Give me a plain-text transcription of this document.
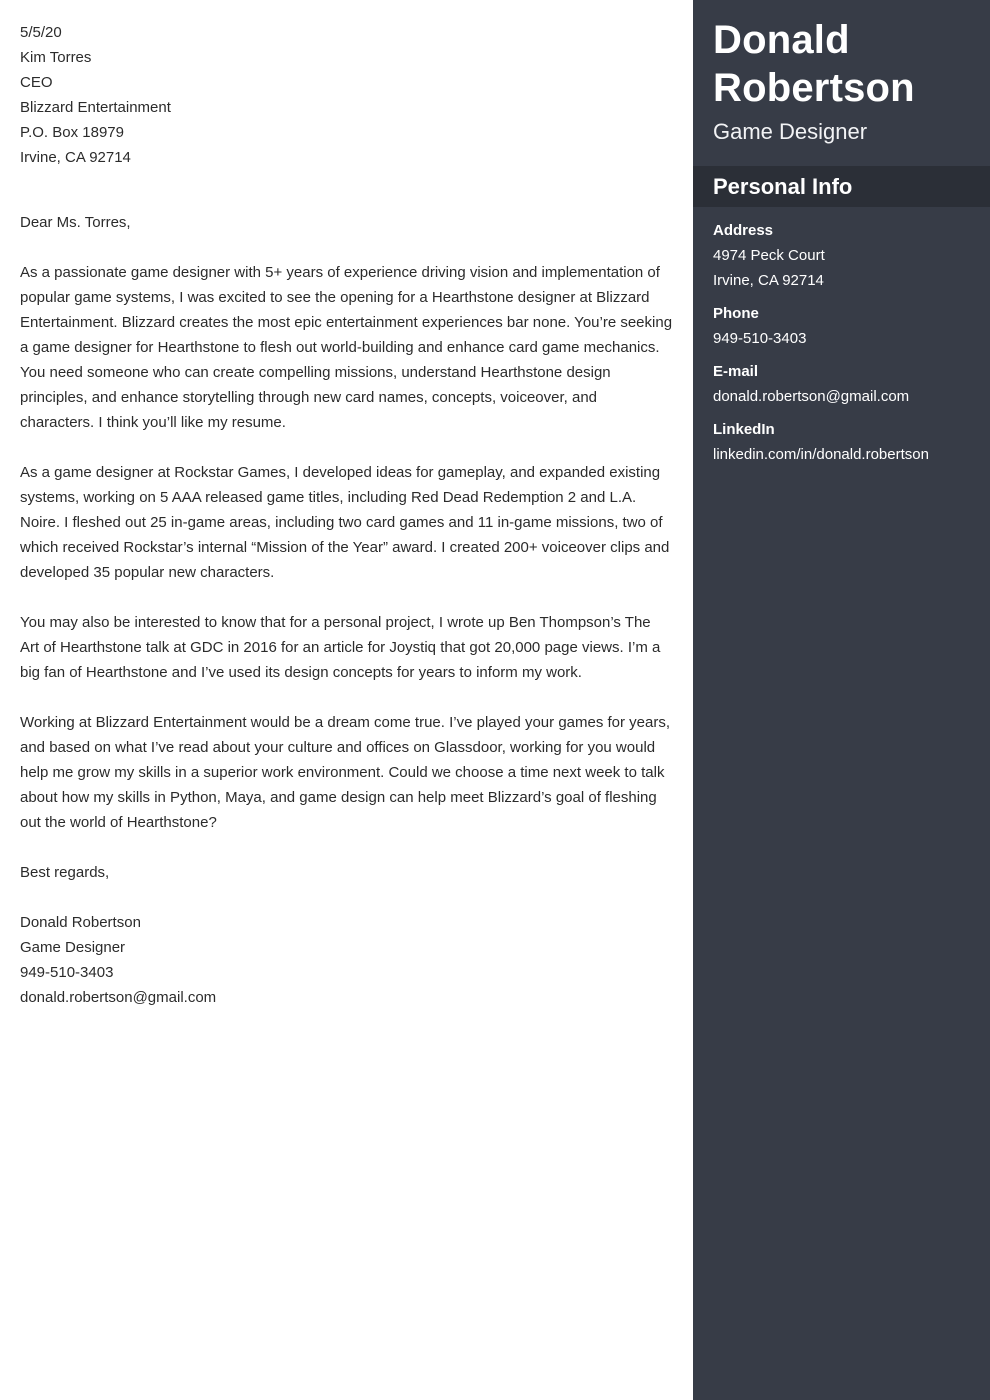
5/5/20

Kim Torres

CEO

Blizzard Entertainment

P.O. Box 18979

Irvine, CA 92714

Dear Ms. Torres,

As a passionate game designer with 5+ years of experience driving vision and implementation of popular game systems, I was excited to see the opening for a Hearthstone designer at Blizzard Entertainment. Blizzard creates the most epic entertainment experiences bar none. You’re seeking a game designer for Hearthstone to flesh out world-building and enhance card game mechanics. You need someone who can create compelling missions, understand Hearthstone design principles, and enhance storytelling through new card names, concepts, voiceover, and characters. I think you’ll like my resume.

As a game designer at Rockstar Games, I developed ideas for gameplay, and expanded existing systems, working on 5 AAA released game titles, including Red Dead Redemption 2 and L.A. Noire. I fleshed out 25 in-game areas, including two card games and 11 in-game missions, two of which received Rockstar’s internal “Mission of the Year” award. I created 200+ voiceover clips and developed 35 popular new characters.

You may also be interested to know that for a personal project, I wrote up Ben Thompson’s The Art of Hearthstone talk at GDC in 2016 for an article for Joystiq that got 20,000 page views. I’m a big fan of Hearthstone and I’ve used its design concepts for years to inform my work.

Working at Blizzard Entertainment would be a dream come true. I’ve played your games for years, and based on what I’ve read about your culture and offices on Glassdoor, working for you would help me grow my skills in a superior work environment. Could we choose a time next week to talk about how my skills in Python, Maya, and game design can help meet Blizzard’s goal of fleshing out the world of Hearthstone?

Best regards,

Donald Robertson

Game Designer

949-510-3403

donald.robertson@gmail.com

Donald
Robertson
Game Designer
Personal Info
Address
4974 Peck Court
Irvine, CA 92714
Phone
949-510-3403
E-mail
donald.robertson@gmail.com
LinkedIn
linkedin.com/in/donald.robertson
